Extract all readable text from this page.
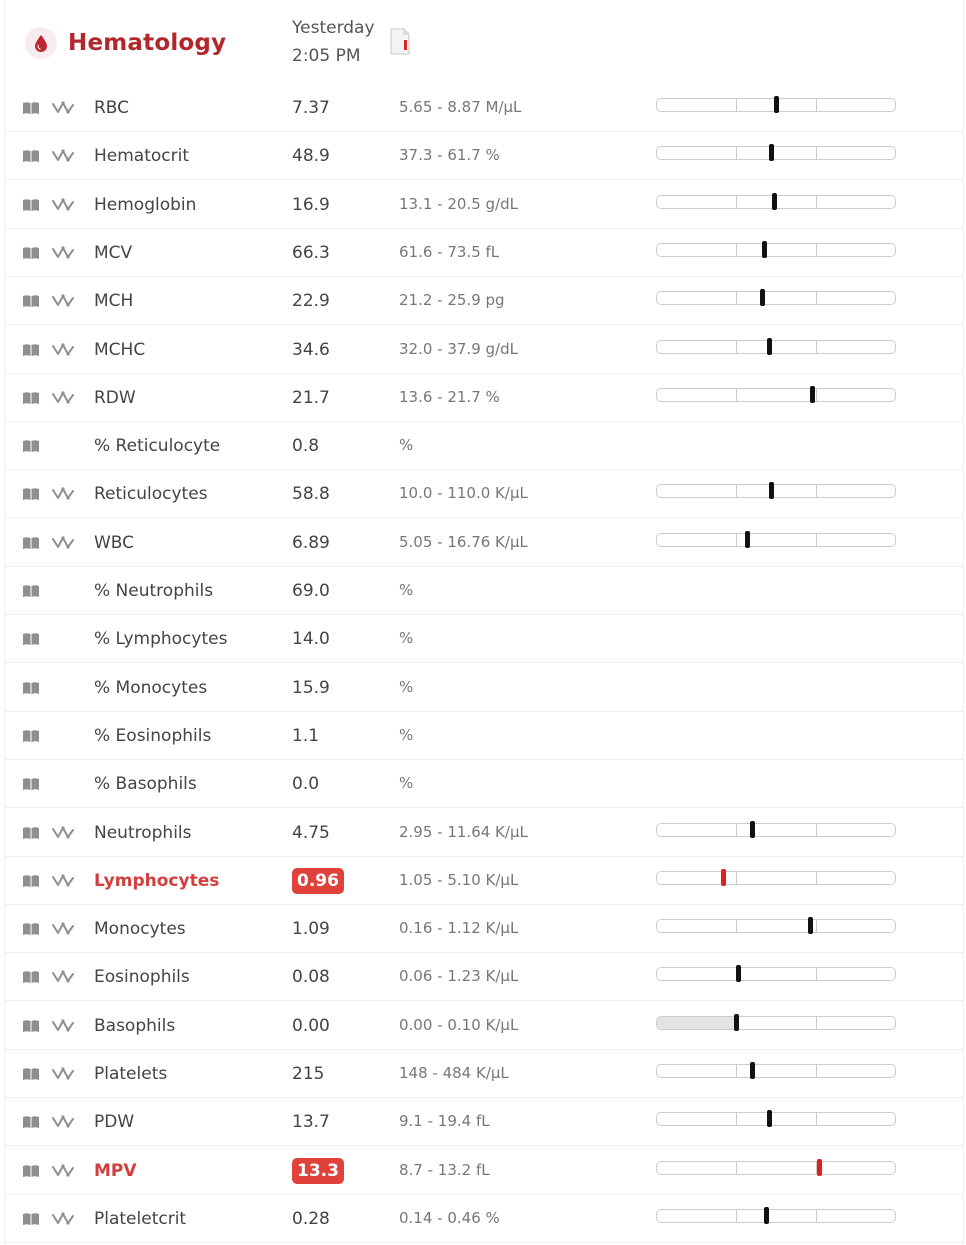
Hematology
Yesterday
2:05 PM
RBC	7.37	5.65 - 8.87 M/µL
Hematocrit	48.9	37.3 - 61.7 %
Hemoglobin	16.9	13.1 - 20.5 g/dL
MCV	66.3	61.6 - 73.5 fL
MCH	22.9	21.2 - 25.9 pg
MCHC	34.6	32.0 - 37.9 g/dL
RDW	21.7	13.6 - 21.7 %
% Reticulocyte	0.8	%
Reticulocytes	58.8	10.0 - 110.0 K/µL
WBC	6.89	5.05 - 16.76 K/µL
% Neutrophils	69.0	%
% Lymphocytes	14.0	%
% Monocytes	15.9	%
% Eosinophils	1.1	%
% Basophils	0.0	%
Neutrophils	4.75	2.95 - 11.64 K/µL
Lymphocytes	0.96	1.05 - 5.10 K/µL
Monocytes	1.09	0.16 - 1.12 K/µL
Eosinophils	0.08	0.06 - 1.23 K/µL
Basophils	0.00	0.00 - 0.10 K/µL
Platelets	215	148 - 484 K/µL
PDW	13.7	9.1 - 19.4 fL
MPV	13.3	8.7 - 13.2 fL
Plateletcrit	0.28	0.14 - 0.46 %
